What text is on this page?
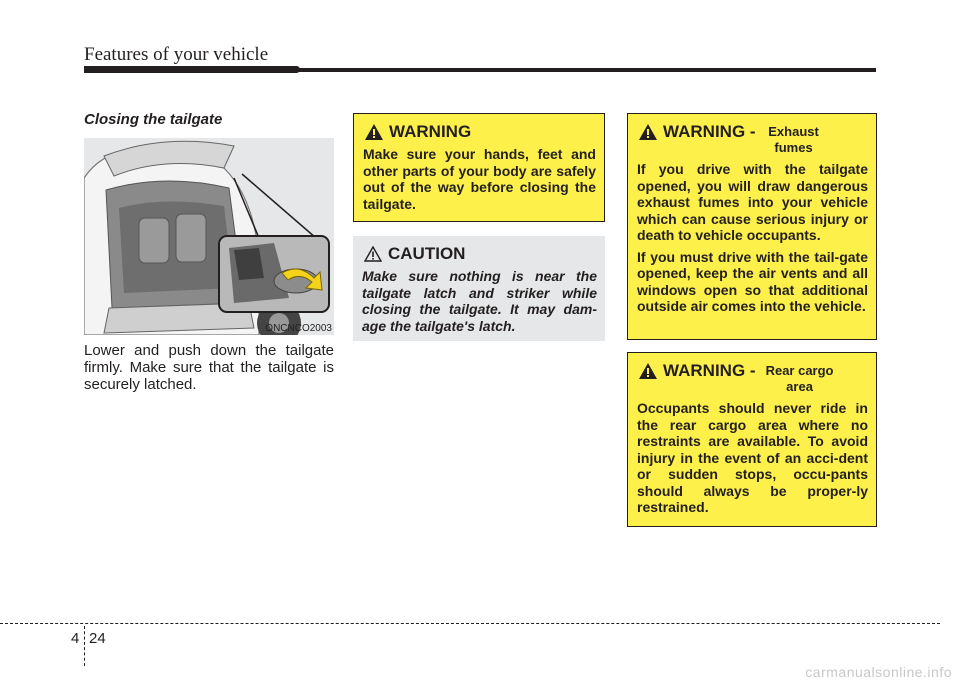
Features of your vehicle
Closing the tailgate
ONCNCO2003
Lower and push down the tailgate firmly. Make sure that the tailgate is securely latched.
WARNING

Make sure your hands, feet and other parts of your body are safely out of the way before closing the tailgate.

CAUTION

Make sure nothing is near the tailgate latch and striker while closing the tailgate. It may dam-age the tailgate's latch.

WARNING - Exhaust fumes

If you drive with the tailgate opened, you will draw dangerous exhaust fumes into your vehicle which can cause serious injury or death to vehicle occupants.

If you must drive with the tail-gate opened, keep the air vents and all windows open so that additional outside air comes into the vehicle.

WARNING - Rear cargo area

Occupants should never ride in the rear cargo area where no restraints are available. To avoid injury in the event of an acci-dent or sudden stops, occu-pants should always be proper-ly restrained.

4 24
carmanualsonline.info
